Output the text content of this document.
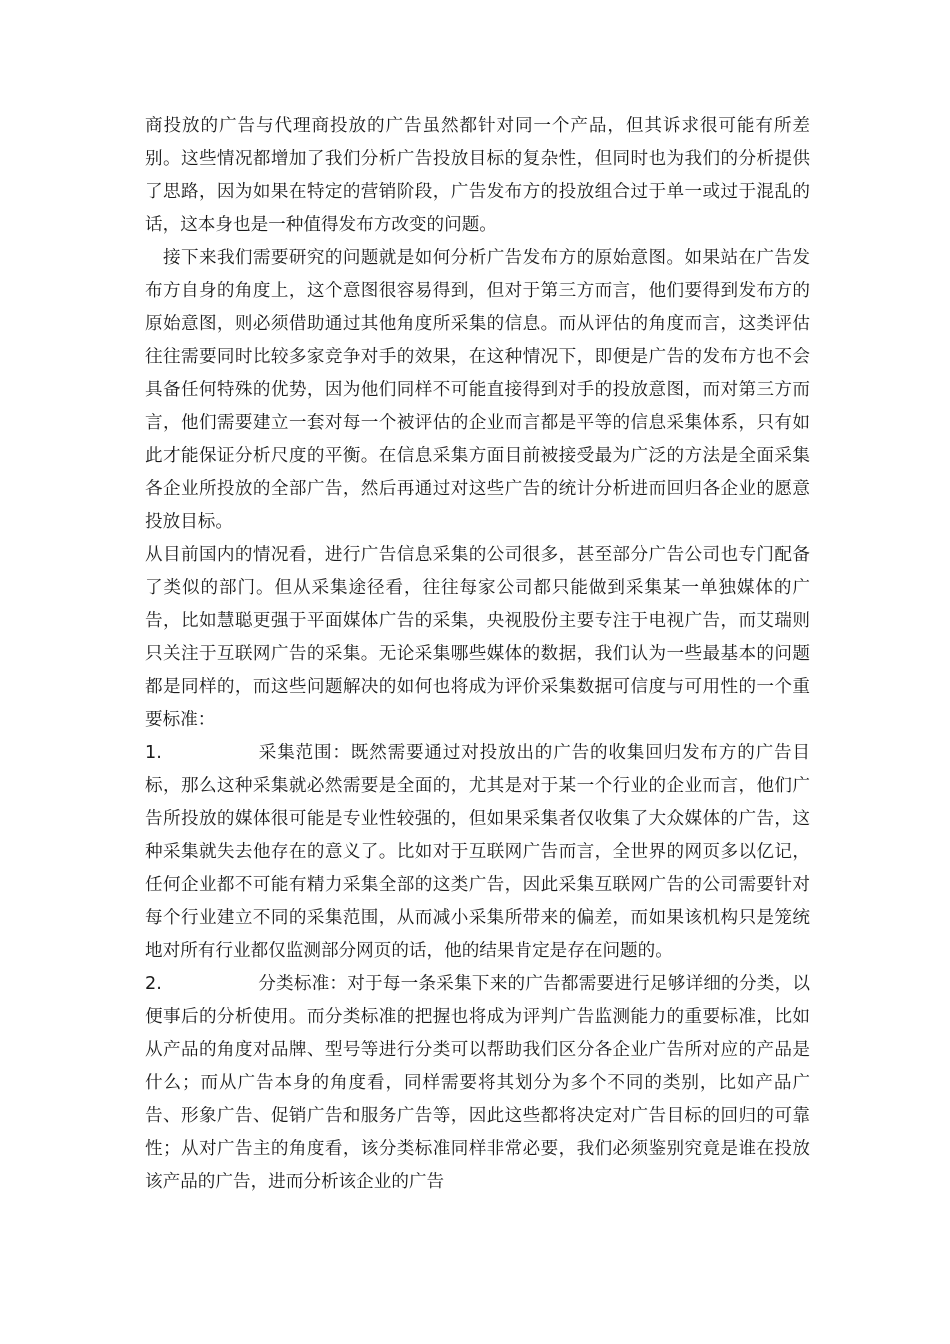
商投放的广告与代理商投放的广告虽然都针对同一个产品，但其诉求很可能有所差别。这些情况都增加了我们分析广告投放目标的复杂性，但同时也为我们的分析提供了思路，因为如果在特定的营销阶段，广告发布方的投放组合过于单一或过于混乱的话，这本身也是一种值得发布方改变的问题。

接下来我们需要研究的问题就是如何分析广告发布方的原始意图。如果站在广告发布方自身的角度上，这个意图很容易得到，但对于第三方而言，他们要得到发布方的原始意图，则必须借助通过其他角度所采集的信息。而从评估的角度而言，这类评估往往需要同时比较多家竞争对手的效果，在这种情况下，即便是广告的发布方也不会具备任何特殊的优势，因为他们同样不可能直接得到对手的投放意图，而对第三方而言，他们需要建立一套对每一个被评估的企业而言都是平等的信息采集体系，只有如此才能保证分析尺度的平衡。在信息采集方面目前被接受最为广泛的方法是全面采集各企业所投放的全部广告，然后再通过对这些广告的统计分析进而回归各企业的愿意投放目标。

从目前国内的情况看，进行广告信息采集的公司很多，甚至部分广告公司也专门配备了类似的部门。但从采集途径看，往往每家公司都只能做到采集某一单独媒体的广告，比如慧聪更强于平面媒体广告的采集，央视股份主要专注于电视广告，而艾瑞则只关注于互联网广告的采集。无论采集哪些媒体的数据，我们认为一些最基本的问题都是同样的，而这些问题解决的如何也将成为评价采集数据可信度与可用性的一个重要标准：

1.	采集范围：既然需要通过对投放出的广告的收集回归发布方的广告目标，那么这种采集就必然需要是全面的，尤其是对于某一个行业的企业而言，他们广告所投放的媒体很可能是专业性较强的，但如果采集者仅收集了大众媒体的广告，这种采集就失去他存在的意义了。比如对于互联网广告而言，全世界的网页多以亿记，任何企业都不可能有精力采集全部的这类广告，因此采集互联网广告的公司需要针对每个行业建立不同的采集范围，从而减小采集所带来的偏差，而如果该机构只是笼统地对所有行业都仅监测部分网页的话，他的结果肯定是存在问题的。

2.	分类标准：对于每一条采集下来的广告都需要进行足够详细的分类，以便事后的分析使用。而分类标准的把握也将成为评判广告监测能力的重要标准，比如从产品的角度对品牌、型号等进行分类可以帮助我们区分各企业广告所对应的产品是什么；而从广告本身的角度看，同样需要将其划分为多个不同的类别，比如产品广告、形象广告、促销广告和服务广告等，因此这些都将决定对广告目标的回归的可靠性；从对广告主的角度看，该分类标准同样非常必要，我们必须鉴别究竟是谁在投放该产品的广告，进而分析该企业的广告
